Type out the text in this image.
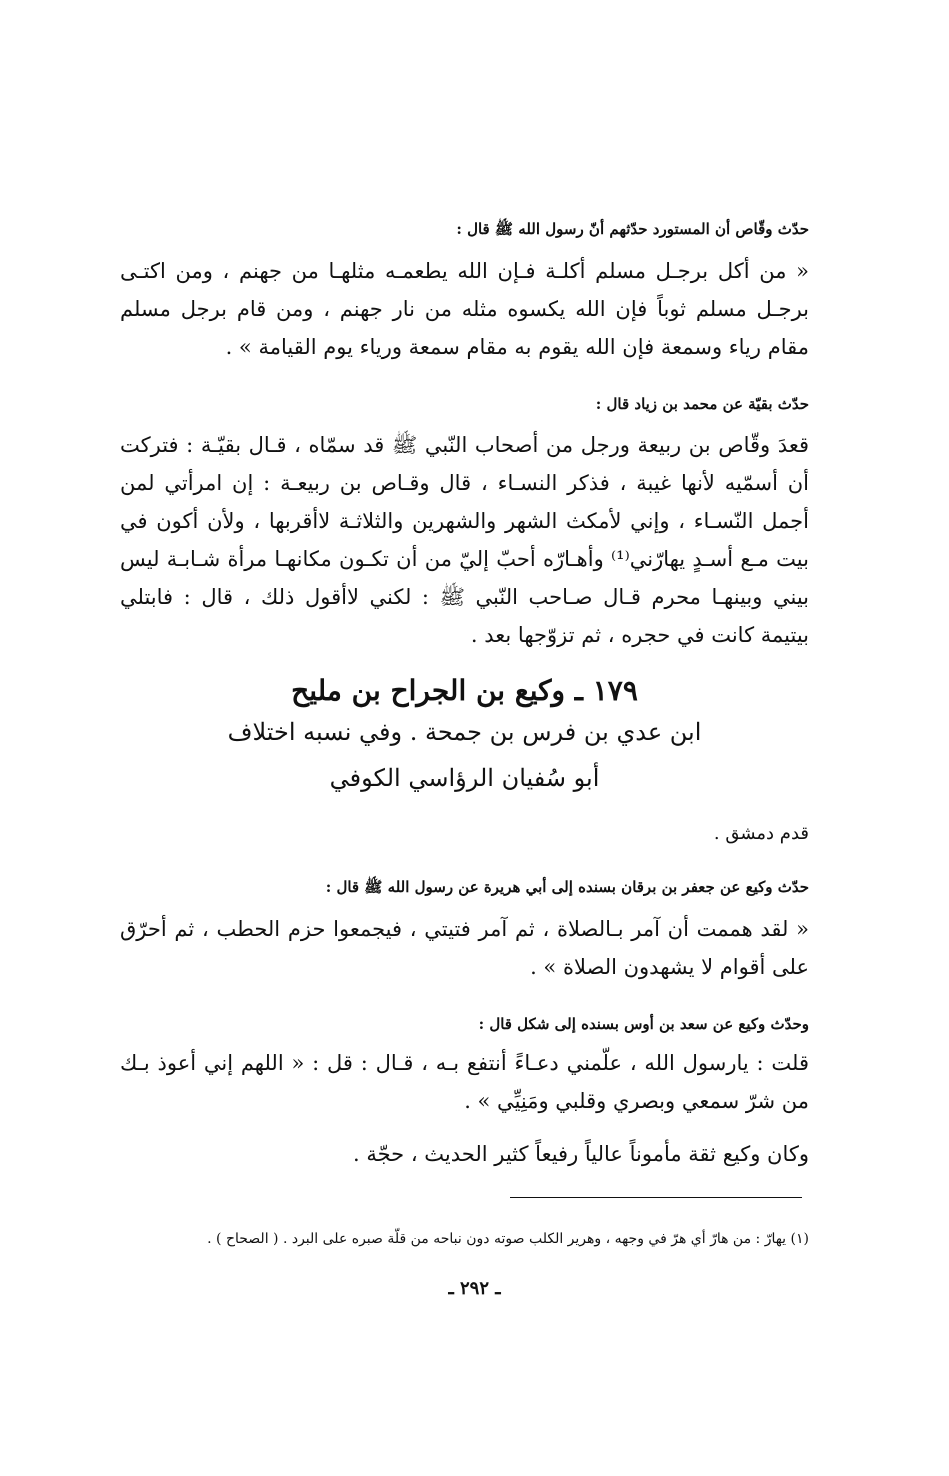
حدّث وقّاص أن المستورد حدّثهم أنّ رسول الله ﷺ قال :
« من أكل برجـل مسلم أكلـة فـإن الله يطعمـه مثلهـا من جهنم ، ومن اكتـى برجـل مسلم ثوباً فإن الله يكسوه مثله من نار جهنم ، ومن قام برجل مسلم مقام رياء وسمعة فإن الله يقوم به مقام سمعة ورياء يوم القيامة » .
حدّث بقيّة عن محمد بن زياد قال :
قعدَ وقّاص بن ربيعة ورجل من أصحاب النّبي ﷺ قد سمّاه ، قـال بقيّـة : فتركت أن أسمّيه لأنها غيبة ، فذكر النسـاء ، قال وقـاص بن ربيعـة : إن امرأتي لمن أجمل النّسـاء ، وإني لأمكث الشهر والشهرين والثلاثـة لاأقربها ، ولأن أكون في بيت مـع أسـدٍ يهارّني⁽¹⁾ وأهـارّه أحبّ إليّ من أن تكـون مكانهـا مرأة شـابـة ليس بيني وبينهـا محرم قـال صـاحب النّبي ﷺ : لكني لاأقول ذلك ، قال : فابتلي بيتيمة كانت في حجره ، ثم تزوّجها بعد .
١٧٩ ـ وكيع بن الجراح بن مليح
ابن عدي بن فرس بن جمحة . وفي نسبه اختلاف
أبو سُفيان الرؤاسي الكوفي
قدم دمشق .
حدّث وكيع عن جعفر بن برقان بسنده إلى أبي هريرة عن رسول الله ﷺ قال :
« لقد هممت أن آمر بـالصلاة ، ثم آمر فتيتي ، فيجمعوا حزم الحطب ، ثم أحرّق على أقوام لا يشهدون الصلاة » .
وحدّث وكيع عن سعد بن أوس بسنده إلى شكل قال :
قلت : يارسول الله ، علّمني دعـاءً أنتفع بـه ، قـال : قل : « اللهم إني أعوذ بـك من شرّ سمعي وبصري وقلبي ومَنِيِّي » .
وكان وكيع ثقة مأموناً عالياً رفيعاً كثير الحديث ، حجّة .
(١) يهارّ : من هارّ أي هرّ في وجهه ، وهرير الكلب صوته دون نباحه من قلّة صبره على البرد . ( الصحاح ) .
ـ ٢٩٢ ـ
